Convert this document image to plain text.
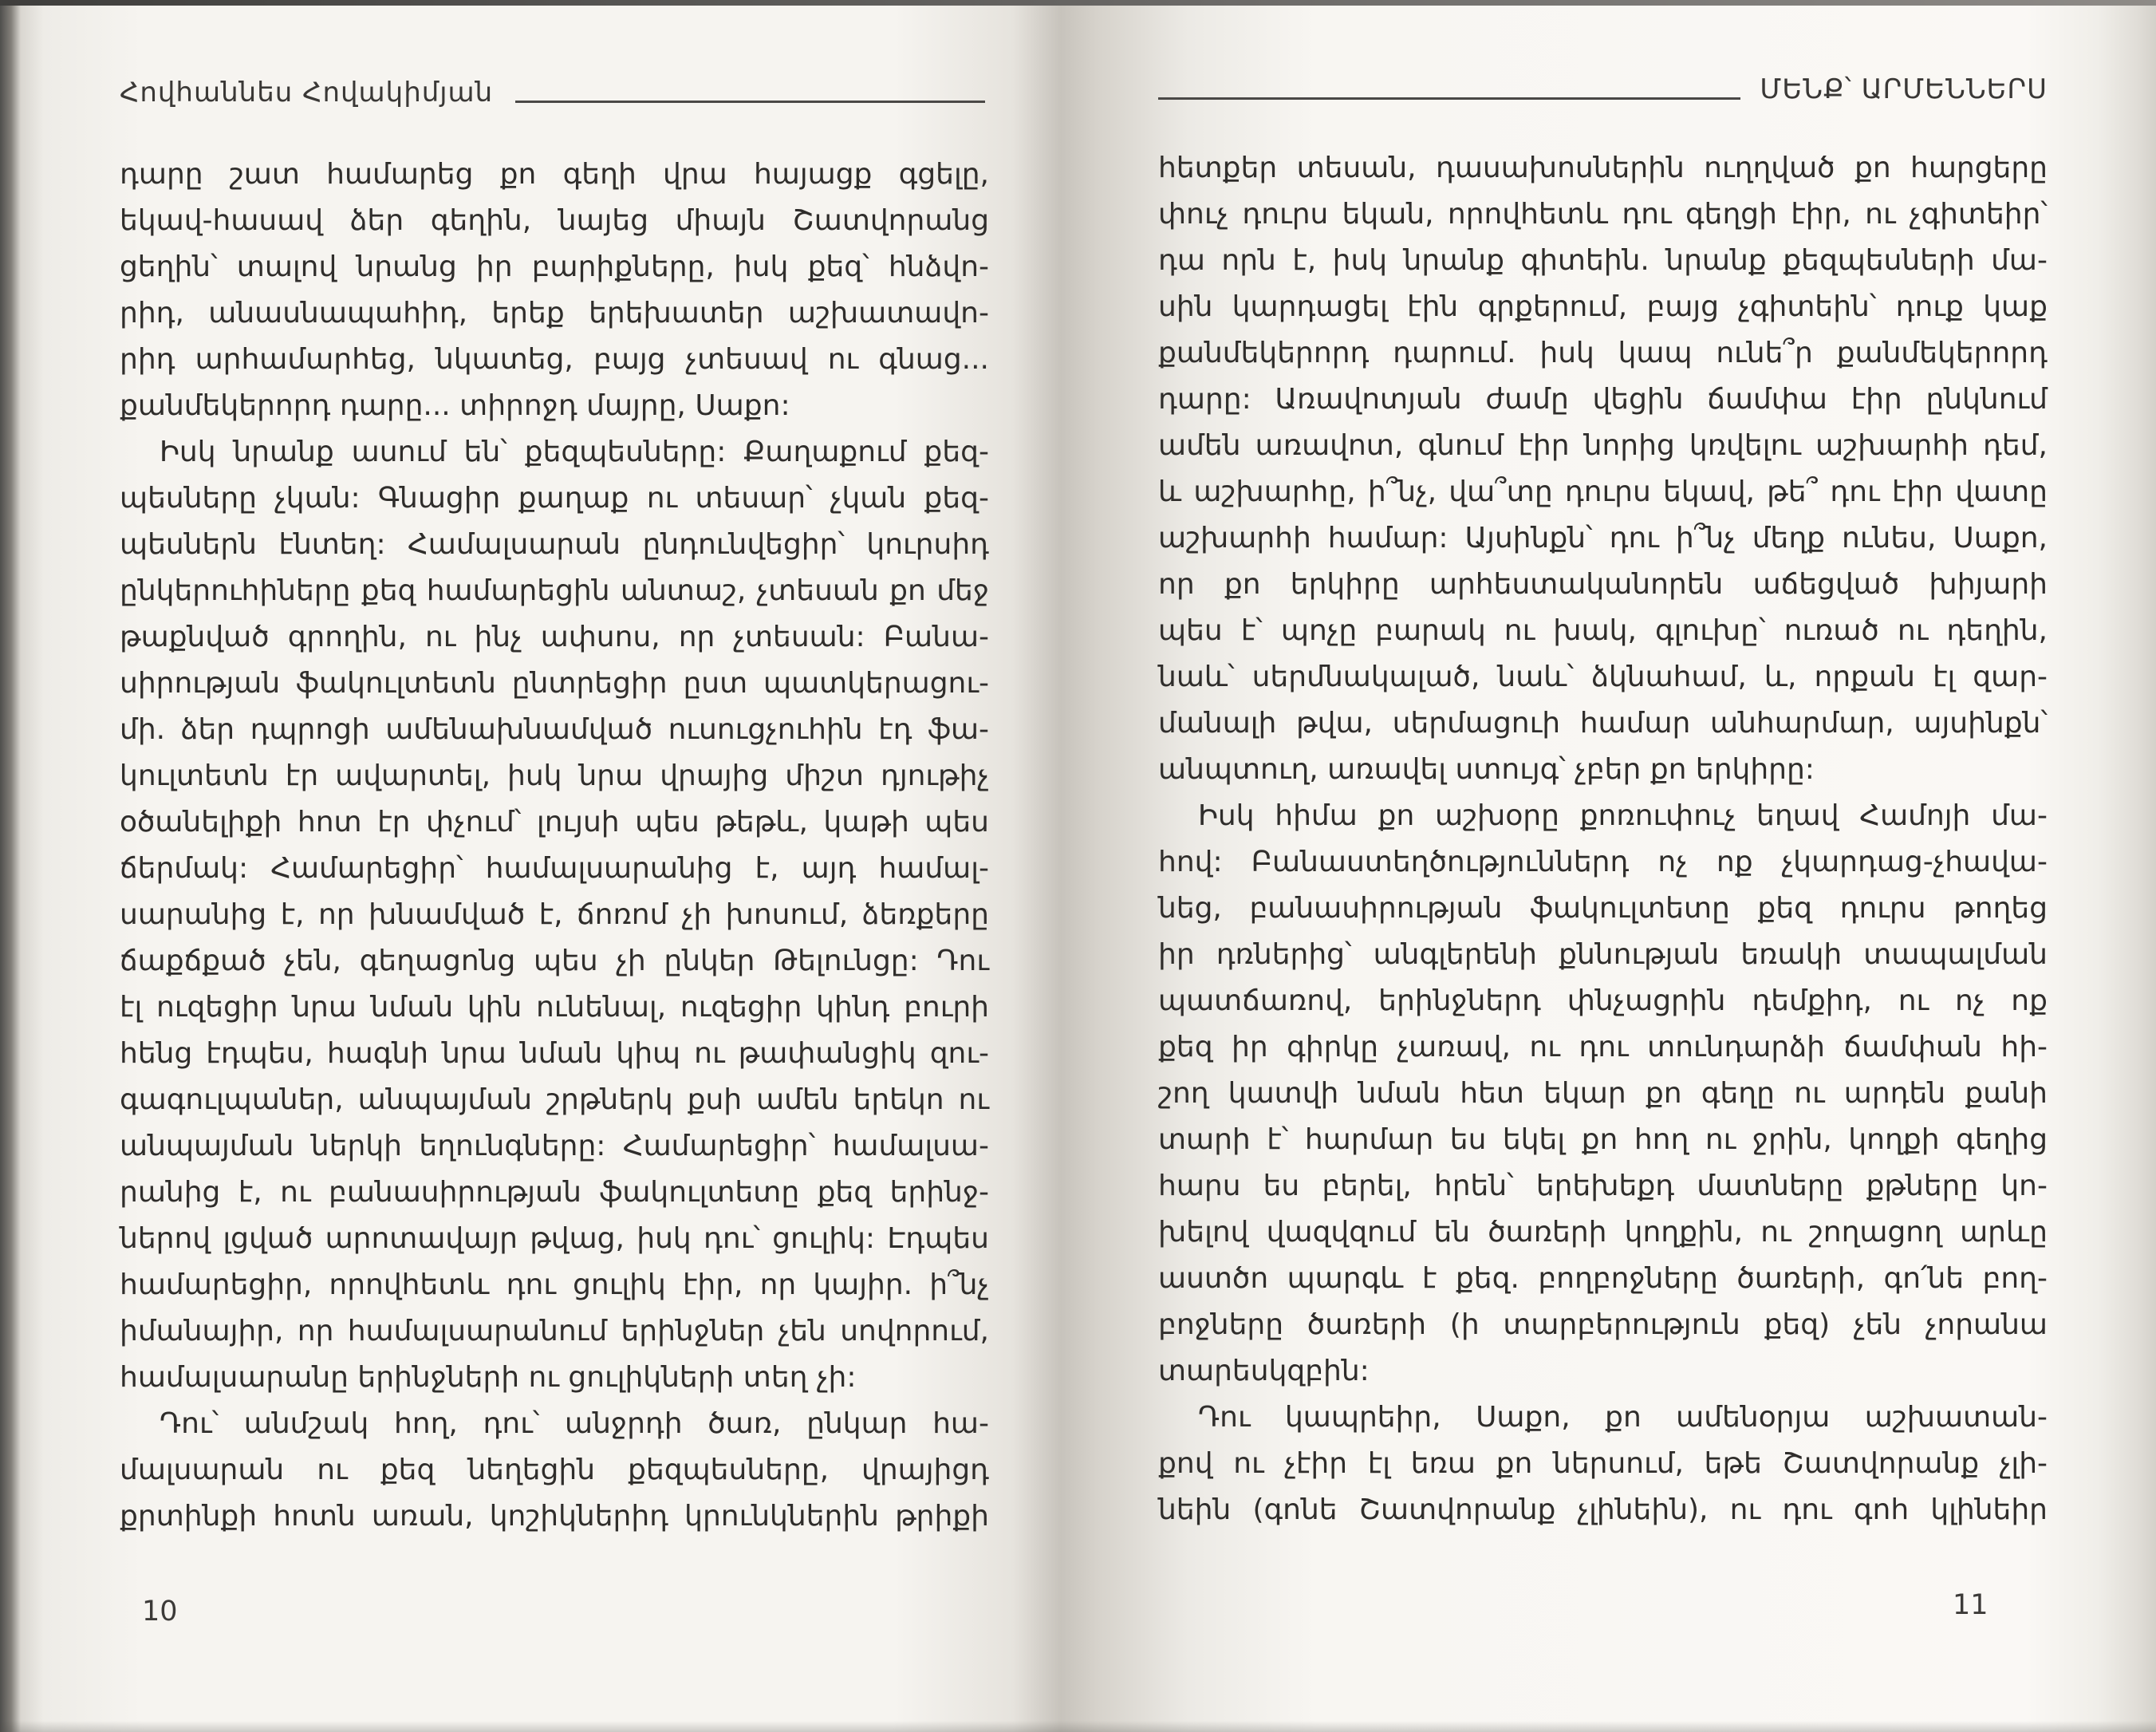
Հովհաննես Հովակիմյան	ՄԵՆՔ՝ ԱՐՄԵՆՆԵՐՍ
դարը շատ համարեց քո գեղի վրա հայացք գցելը,
եկավ-հասավ ձեր գեղին, նայեց միայն Շատվորանց
ցեղին՝ տալով նրանց իր բարիքները, իսկ քեզ՝ հնձվո-
րիդ, անասնապահիդ, երեք երեխատեր աշխատավո-
րիդ արհամարհեց, նկատեց, բայց չտեսավ ու գնաց...
քանմեկերորդ դարը... տիրոջդ մայրը, Սաքո:
Իսկ նրանք ասում են՝ քեզպեսները: Քաղաքում քեզ-
պեսները չկան: Գնացիր քաղաք ու տեսար՝ չկան քեզ-
պեսներն էնտեղ: Համալսարան ընդունվեցիր՝ կուրսիդ
ընկերուհիները քեզ համարեցին անտաշ, չտեսան քո մեջ
թաքնված գրողին, ու ինչ ափսոս, որ չտեսան: Բանա-
սիրության ֆակուլտետն ընտրեցիր ըստ պատկերացու-
մի. ձեր դպրոցի ամենախնամված ուսուցչուհին էդ ֆա-
կուլտետն էր ավարտել, իսկ նրա վրայից միշտ դյութիչ
օծանելիքի հոտ էր փչում՝ լույսի պես թեթև, կաթի պես
ճերմակ: Համարեցիր՝ համալսարանից է, այդ համալ-
սարանից է, որ խնամված է, ճոռոմ չի խոսում, ձեռքերը
ճաքճքած չեն, գեղացոնց պես չի ընկեր Թելունցը: Դու
էլ ուզեցիր նրա նման կին ունենալ, ուզեցիր կինդ բուրի
հենց էդպես, հագնի նրա նման կիպ ու թափանցիկ զու-
գագուլպաներ, անպայման շրթներկ քսի ամեն երեկո ու
անպայման ներկի եղունգները: Համարեցիր՝ համալսա-
րանից է, ու բանասիրության ֆակուլտետը քեզ երինջ-
ներով լցված արոտավայր թվաց, իսկ դու՝ ցուլիկ: Էդպես
համարեցիր, որովհետև դու ցուլիկ էիր, որ կայիր. ի՞նչ
իմանայիր, որ համալսարանում երինջներ չեն սովորում,
համալսարանը երինջների ու ցուլիկների տեղ չի:
Դու՝ անմշակ հող, դու՝ անջրդի ծառ, ընկար հա-
մալսարան ու քեզ նեղեցին քեզպեսները, վրայիցդ
քրտինքի հոտն առան, կոշիկներիդ կրունկներին թրիքի
հետքեր տեսան, դասախոսներին ուղղված քո հարցերը
փուչ դուրս եկան, որովհետև դու գեղցի էիր, ու չգիտեիր՝
դա որն է, իսկ նրանք գիտեին. նրանք քեզպեսների մա-
սին կարդացել էին գրքերում, բայց չգիտեին՝ դուք կաք
քանմեկերորդ դարում. իսկ կապ ունե՞ր քանմեկերորդ
դարը: Առավոտյան ժամը վեցին ճամփա էիր ընկնում
ամեն առավոտ, գնում էիր նորից կռվելու աշխարհի դեմ,
և աշխարհը, ի՞նչ, վա՞տը դուրս եկավ, թե՞ դու էիր վատը
աշխարհի համար: Այսինքն՝ դու ի՞նչ մեղք ունես, Սաքո,
որ քո երկիրը արհեստականորեն աճեցված խիյարի
պես է՝ պոչը բարակ ու խակ, գլուխը՝ ուռած ու դեղին,
նաև՝ սերմնակալած, նաև՝ ձկնահամ, և, որքան էլ զար-
մանալի թվա, սերմացուի համար անհարմար, այսինքն՝
անպտուղ, առավել ստույգ՝ չբեր քո երկիրը:
Իսկ հիմա քո աշխօրը քոռուփուչ եղավ Համոյի մա-
հով: Բանաստեղծություններդ ոչ ոք չկարդաց-չհավա-
նեց, բանասիրության ֆակուլտետը քեզ դուրս թողեց
իր դռներից՝ անգլերենի քննության եռակի տապալման
պատճառով, երինջներդ փնչացրին դեմքիդ, ու ոչ ոք
քեզ իր գիրկը չառավ, ու դու տունդարձի ճամփան հի-
շող կատվի նման հետ եկար քո գեղը ու արդեն քանի
տարի է՝ հարմար ես եկել քո հող ու ջրին, կողքի գեղից
հարս ես բերել, հրեն՝ երեխեքդ մատները քթները կո-
խելով վազվզում են ծառերի կողքին, ու շողացող արևը
աստծո պարգև է քեզ. բողբոջները ծառերի, գո՛նե բող-
բոջները ծառերի (ի տարբերություն քեզ) չեն չորանա
տարեսկզբին:
Դու կապրեիր, Սաքո, քո ամենօրյա աշխատան-
քով ու չէիր էլ եռա քո ներսում, եթե Շատվորանք չլի-
նեին (գոնե Շատվորանք չլինեին), ու դու գոհ կլինեիր
10	11
